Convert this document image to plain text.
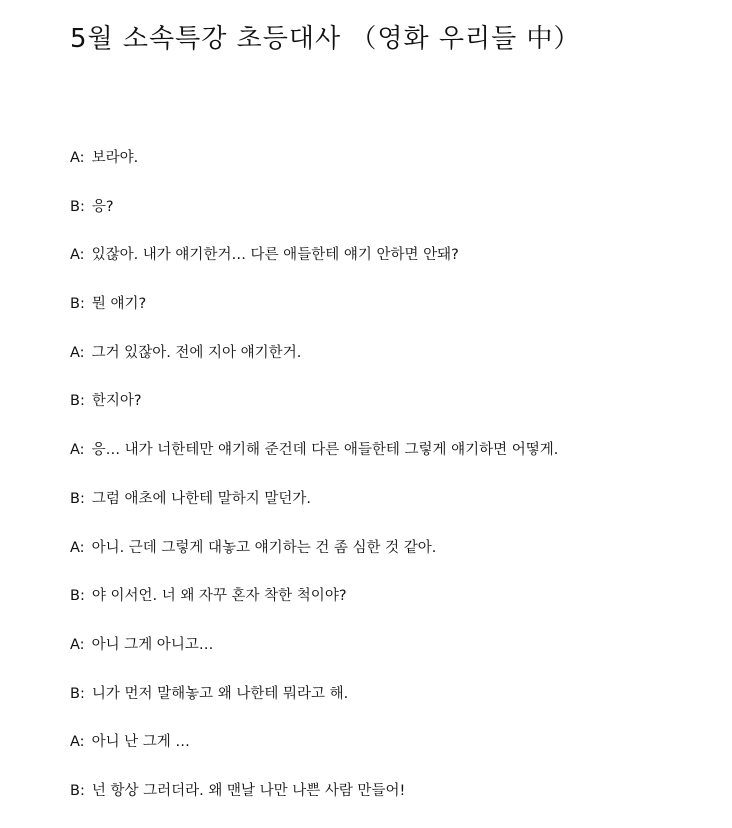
5월 소속특강 초등대사 （영화 우리들 中）
A : 보라야.
B : 응?
A : 있잖아. 내가 얘기한거… 다른 애들한테 얘기 안하면 안돼?
B : 뭔 얘기?
A : 그거 있잖아. 전에 지아 얘기한거.
B : 한지아?
A : 응… 내가 너한테만 얘기해 준건데 다른 애들한테 그렇게 얘기하면 어떻게.
B : 그럼 애초에 나한테 말하지 말던가.
A : 아니. 근데 그렇게 대놓고 얘기하는 건 좀 심한 것 같아.
B : 야 이서언. 너 왜 자꾸 혼자 착한 척이야?
A : 아니 그게 아니고…
B : 니가 먼저 말해놓고 왜 나한테 뭐라고 해.
A : 아니 난 그게 …
B : 넌 항상 그러더라. 왜 맨날 나만 나쁜 사람 만들어!
